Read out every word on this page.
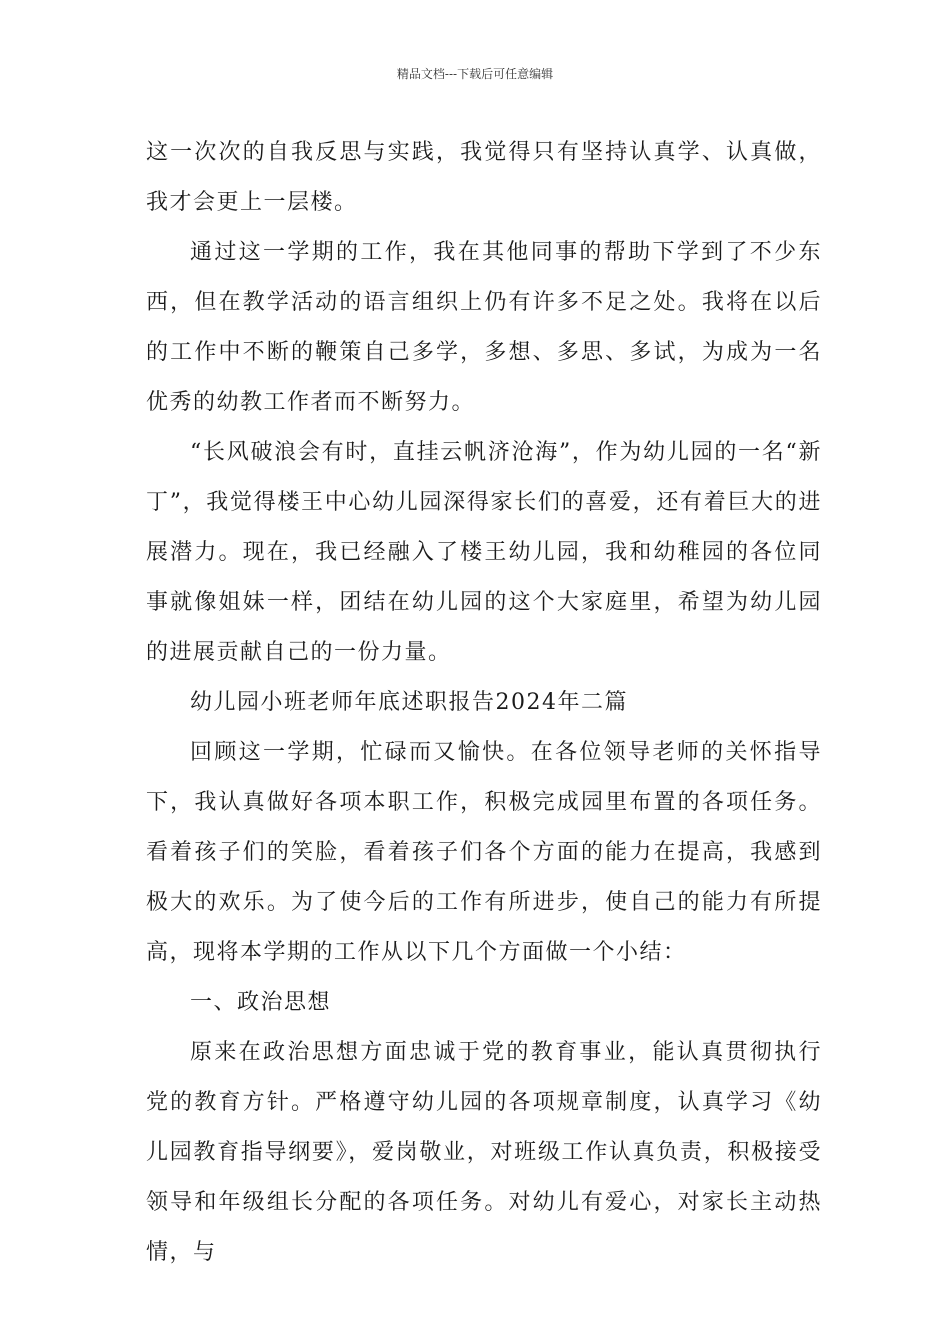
精品文档---下载后可任意编辑

这一次次的自我反思与实践，我觉得只有坚持认真学、认真做，我才会更上一层楼。

通过这一学期的工作，我在其他同事的帮助下学到了不少东西，但在教学活动的语言组织上仍有许多不足之处。我将在以后的工作中不断的鞭策自己多学，多想、多思、多试，为成为一名优秀的幼教工作者而不断努力。

“长风破浪会有时，直挂云帆济沧海”，作为幼儿园的一名“新丁”，我觉得楼王中心幼儿园深得家长们的喜爱，还有着巨大的进展潜力。现在，我已经融入了楼王幼儿园，我和幼稚园的各位同事就像姐妹一样，团结在幼儿园的这个大家庭里，希望为幼儿园的进展贡献自己的一份力量。

幼儿园小班老师年底述职报告2024年二篇

回顾这一学期，忙碌而又愉快。在各位领导老师的关怀指导下，我认真做好各项本职工作，积极完成园里布置的各项任务。看着孩子们的笑脸，看着孩子们各个方面的能力在提高，我感到极大的欢乐。为了使今后的工作有所进步，使自己的能力有所提高，现将本学期的工作从以下几个方面做一个小结：

一、政治思想

原来在政治思想方面忠诚于党的教育事业，能认真贯彻执行党的教育方针。严格遵守幼儿园的各项规章制度，认真学习《幼儿园教育指导纲要》，爱岗敬业，对班级工作认真负责，积极接受领导和年级组长分配的各项任务。对幼儿有爱心，对家长主动热情，与
